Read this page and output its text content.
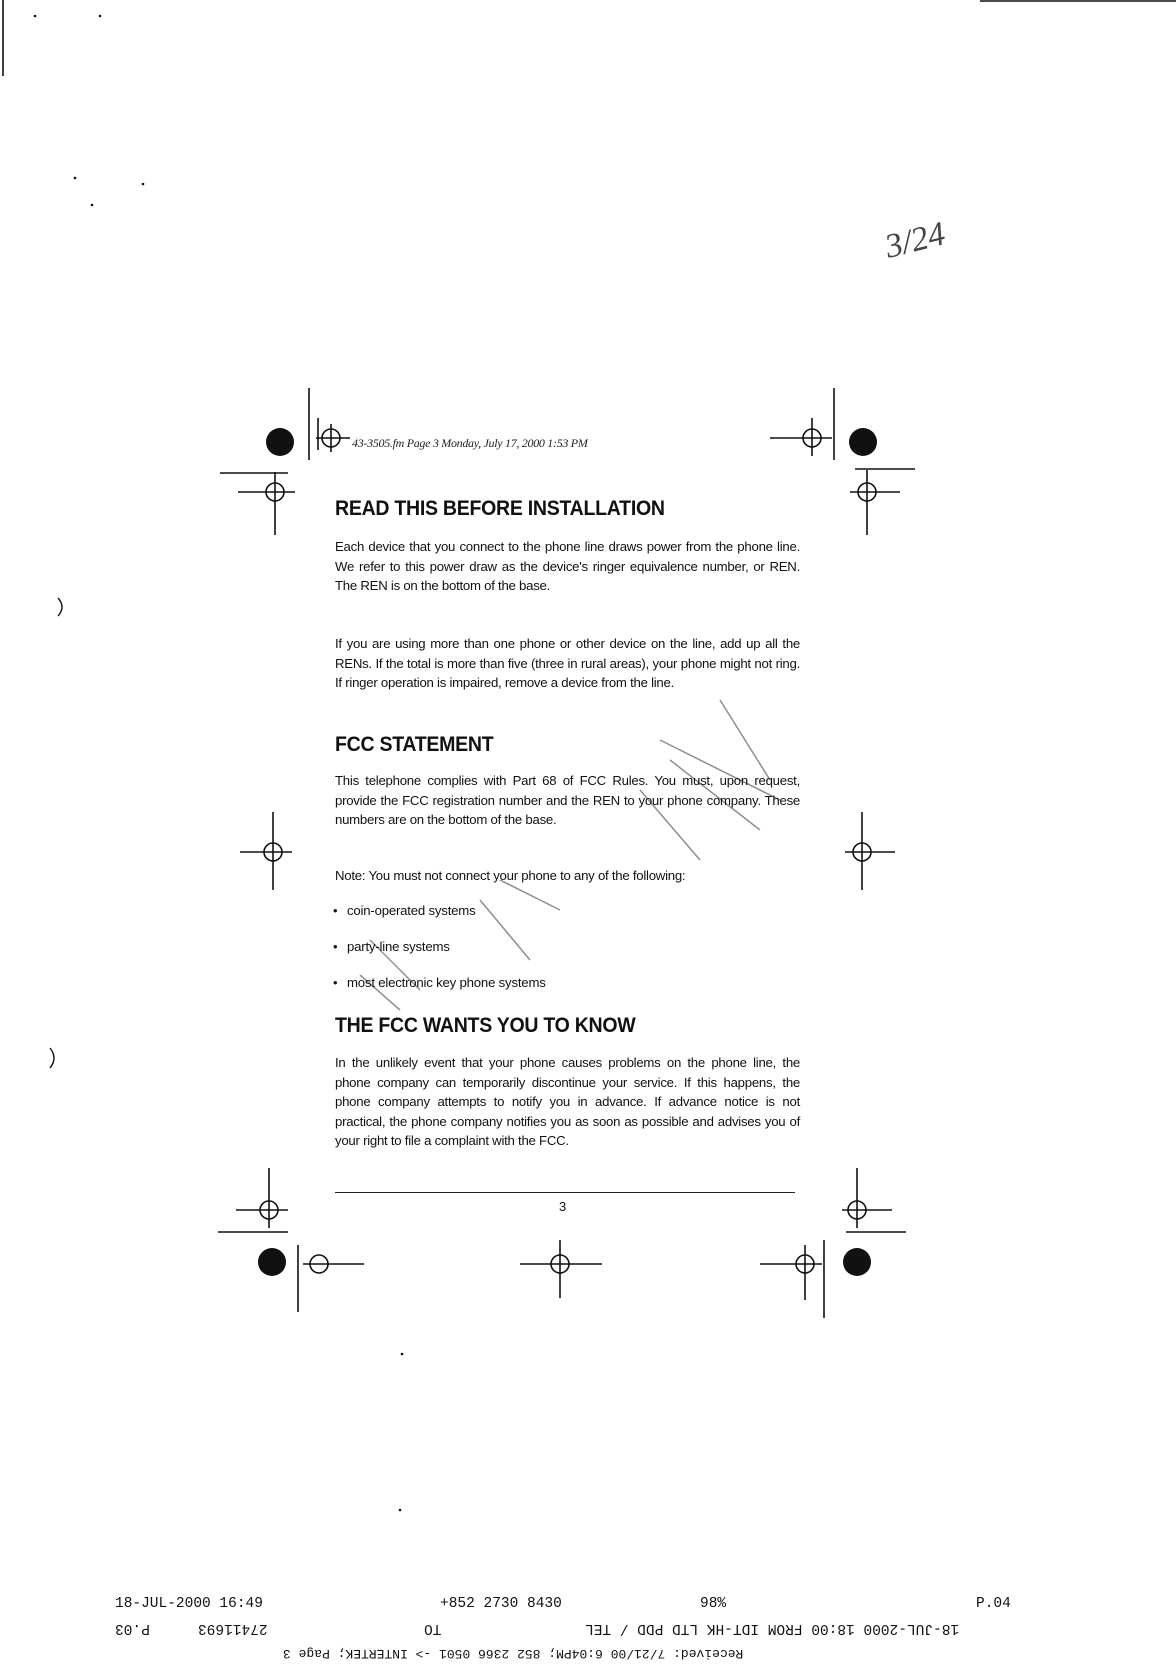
3/24
43-3505.fm Page 3 Monday, July 17, 2000 1:53 PM
READ THIS BEFORE INSTALLATION

Each device that you connect to the phone line draws power from the phone line. We refer to this power draw as the device's ringer equivalence number, or REN. The REN is on the bottom of the base.

If you are using more than one phone or other device on the line, add up all the RENs. If the total is more than five (three in rural areas), your phone might not ring. If ringer operation is impaired, remove a device from the line.

FCC STATEMENT

This telephone complies with Part 68 of FCC Rules. You must, upon request, provide the FCC registration number and the REN to your phone company. These numbers are on the bottom of the base.

Note: You must not connect your phone to any of the following:

• coin-operated systems
• party-line systems
• most electronic key phone systems
THE FCC WANTS YOU TO KNOW

In the unlikely event that your phone causes problems on the phone line, the phone company can temporarily discontinue your service. If this happens, the phone company attempts to notify you in advance. If advance notice is not practical, the phone company notifies you as soon as possible and advises you of your right to file a complaint with the FCC.

3
18-JUL-2000 16:49	+852 2730 8430	98%	P.04
18-JUL-2000 18:00 FROM IDT-HK LTD PDD / TEL
TO
27411693
P.03
Received: 7/21/00 6:04PM; 852 2366 0501 -> INTERTEK; Page 3
